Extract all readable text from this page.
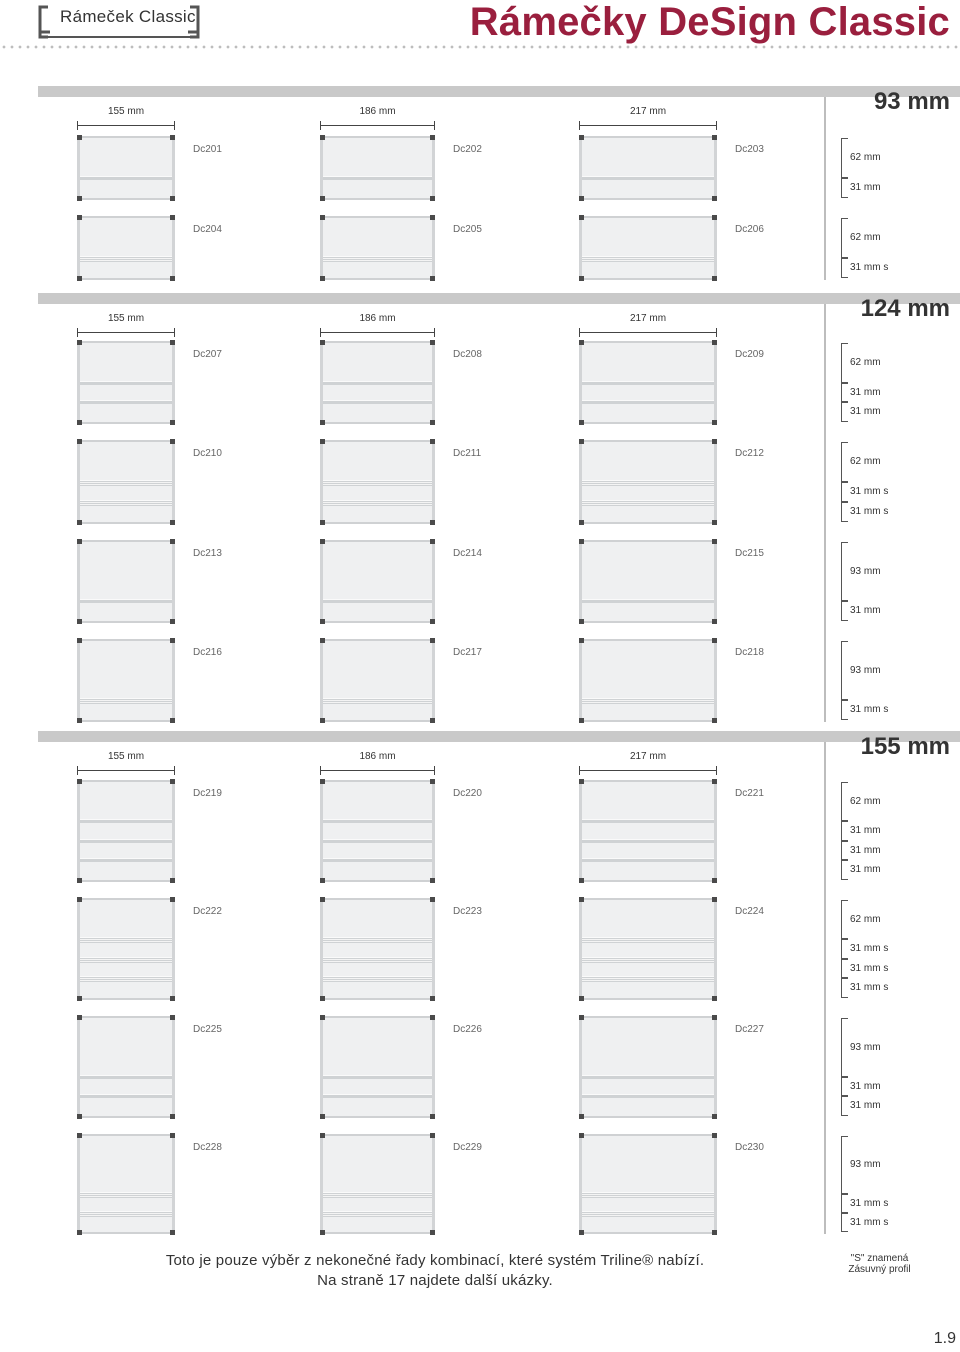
Rámeček Classic	Rámečky DeSign Classic
93 mm
155 mm	186 mm	217 mm
Dc201	Dc202	Dc203
62 mm
31 mm
Dc204	Dc205	Dc206
62 mm
31 mm s
124 mm
155 mm	186 mm	217 mm
Dc207	Dc208	Dc209
62 mm
31 mm
31 mm
Dc210	Dc211	Dc212
62 mm
31 mm s
31 mm s
Dc213	Dc214	Dc215
93 mm
31 mm
Dc216	Dc217	Dc218
93 mm
31 mm s
155 mm
155 mm	186 mm	217 mm
Dc219	Dc220	Dc221
62 mm
31 mm
31 mm
31 mm
Dc222	Dc223	Dc224
62 mm
31 mm s
31 mm s
31 mm s
Dc225	Dc226	Dc227
93 mm
31 mm
31 mm
Dc228	Dc229	Dc230
93 mm
31 mm s
31 mm s
Toto je pouze výběr z nekonečné řady kombinací, které systém Triline® nabízí.
Na straně 17 najdete další ukázky.
"S" znamená
Zásuvný profil
1.9
